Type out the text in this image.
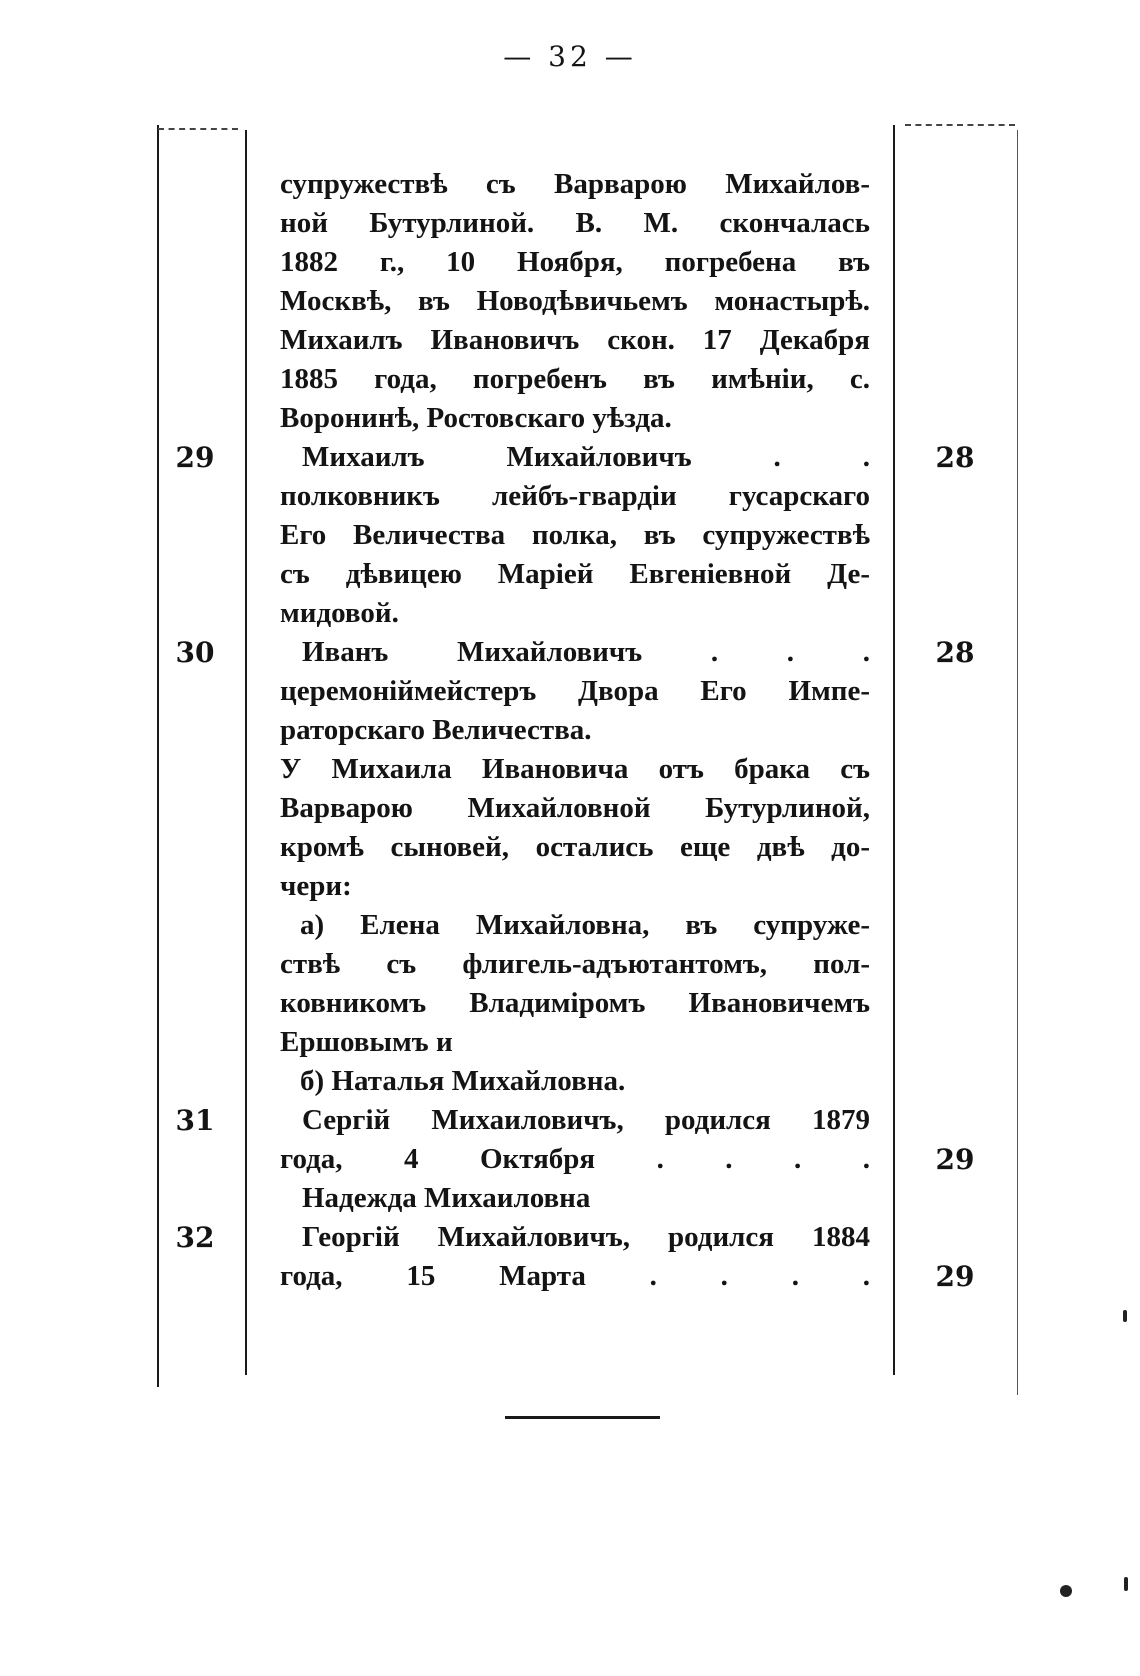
— 32 —
супружествѣ съ Варварою Михайлов-
ной Бутурлиной. В. М. скончалась
1882 г., 10 Ноября, погребена въ
Москвѣ, въ Новодѣвичьемъ монастырѣ.
Михаилъ Ивановичъ скон. 17 Декабря
1885 года, погребенъ въ имѣніи, с.
Воронинѣ, Ростовскаго уѣзда.
29	Михаилъ Михайловичъ . .	28
полковникъ лейбъ-гвардіи гусарскаго
Его Величества полка, въ супружествѣ
съ дѣвицею Маріей Евгеніевной Де-
мидовой.
30	Иванъ Михайловичъ . . .	28
церемоніймейстеръ Двора Его Импе-
раторскаго Величества.
У Михаила Ивановича отъ брака съ
Варварою Михайловной Бутурлиной,
кромѣ сыновей, остались еще двѣ до-
чери:
а) Елена Михайловна, въ супруже-
ствѣ съ флигель-адъютантомъ, пол-
ковникомъ Владиміромъ Ивановичемъ
Ершовымъ и
б) Наталья Михайловна.
31	Сергій Михаиловичъ, родился 1879
года, 4 Октября . . . .	29
Надежда Михаиловна
32	Георгій Михайловичъ, родился 1884
года, 15 Марта . . . .	29
